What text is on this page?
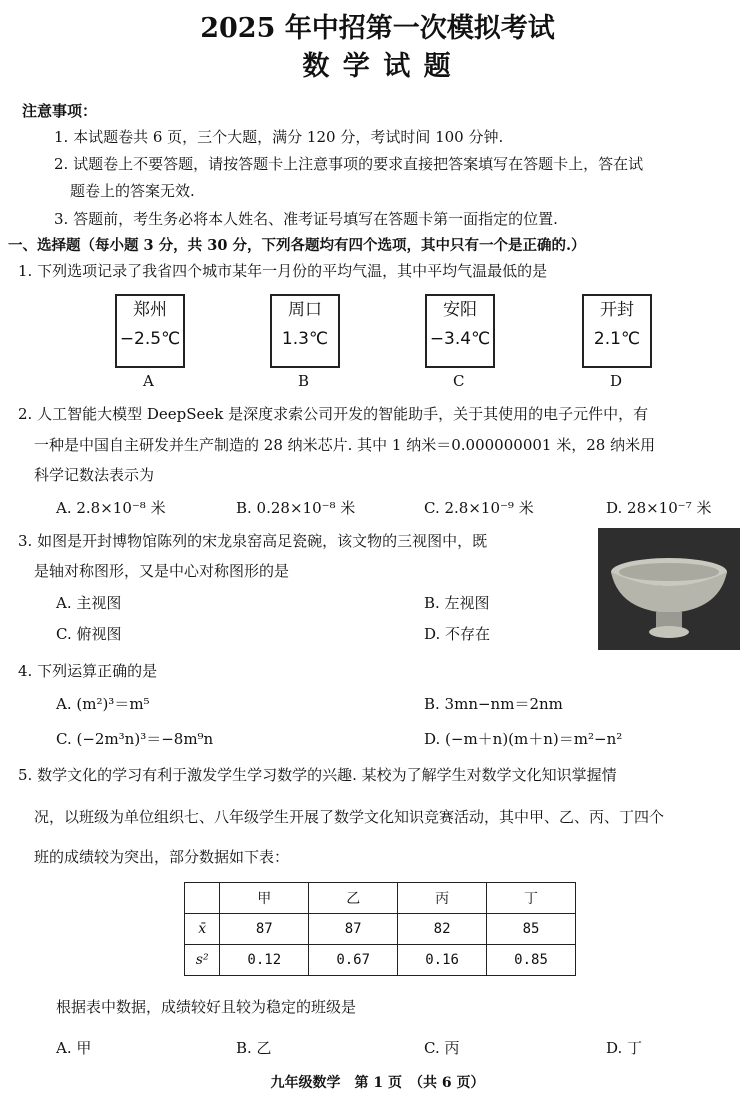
2025 年中招第一次模拟考试
数 学 试 题
注意事项：
1. 本试题卷共 6 页，三个大题，满分 120 分，考试时间 100 分钟.
2. 试题卷上不要答题，请按答题卡上注意事项的要求直接把答案填写在答题卡上，答在试
题卷上的答案无效.
3. 答题前，考生务必将本人姓名、准考证号填写在答题卡第一面指定的位置.
一、选择题（每小题 3 分，共 30 分，下列各题均有四个选项，其中只有一个是正确的.）
1. 下列选项记录了我省四个城市某年一月份的平均气温，其中平均气温最低的是
郑州
−2.5℃
周口
1.3℃
安阳
−3.4℃
开封
2.1℃
A	B	C	D
2. 人工智能大模型 DeepSeek 是深度求索公司开发的智能助手，关于其使用的电子元件中，有
一种是中国自主研发并生产制造的 28 纳米芯片. 其中 1 纳米＝0.000000001 米，28 纳米用
科学记数法表示为
A. 2.8×10⁻⁸ 米	B. 0.28×10⁻⁸ 米	C. 2.8×10⁻⁹ 米	D. 28×10⁻⁷ 米
3. 如图是开封博物馆陈列的宋龙泉窑高足瓷碗，该文物的三视图中，既
是轴对称图形，又是中心对称图形的是
A. 主视图	B. 左视图
C. 俯视图	D. 不存在
4. 下列运算正确的是
A. (m²)³＝m⁵	B. 3mn−nm＝2nm
C. (−2m³n)³＝−8m⁹n	D. (−m＋n)(m＋n)＝m²−n²
5. 数学文化的学习有利于激发学生学习数学的兴趣. 某校为了解学生对数学文化知识掌握情
况，以班级为单位组织七、八年级学生开展了数学文化知识竞赛活动，其中甲、乙、丙、丁四个
班的成绩较为突出，部分数据如下表：
	甲	乙	丙	丁
x̄	87	87	82	85
s²	0.12	0.67	0.16	0.85
根据表中数据，成绩较好且较为稳定的班级是
A. 甲	B. 乙	C. 丙	D. 丁
九年级数学　第 1 页　（共 6 页）
